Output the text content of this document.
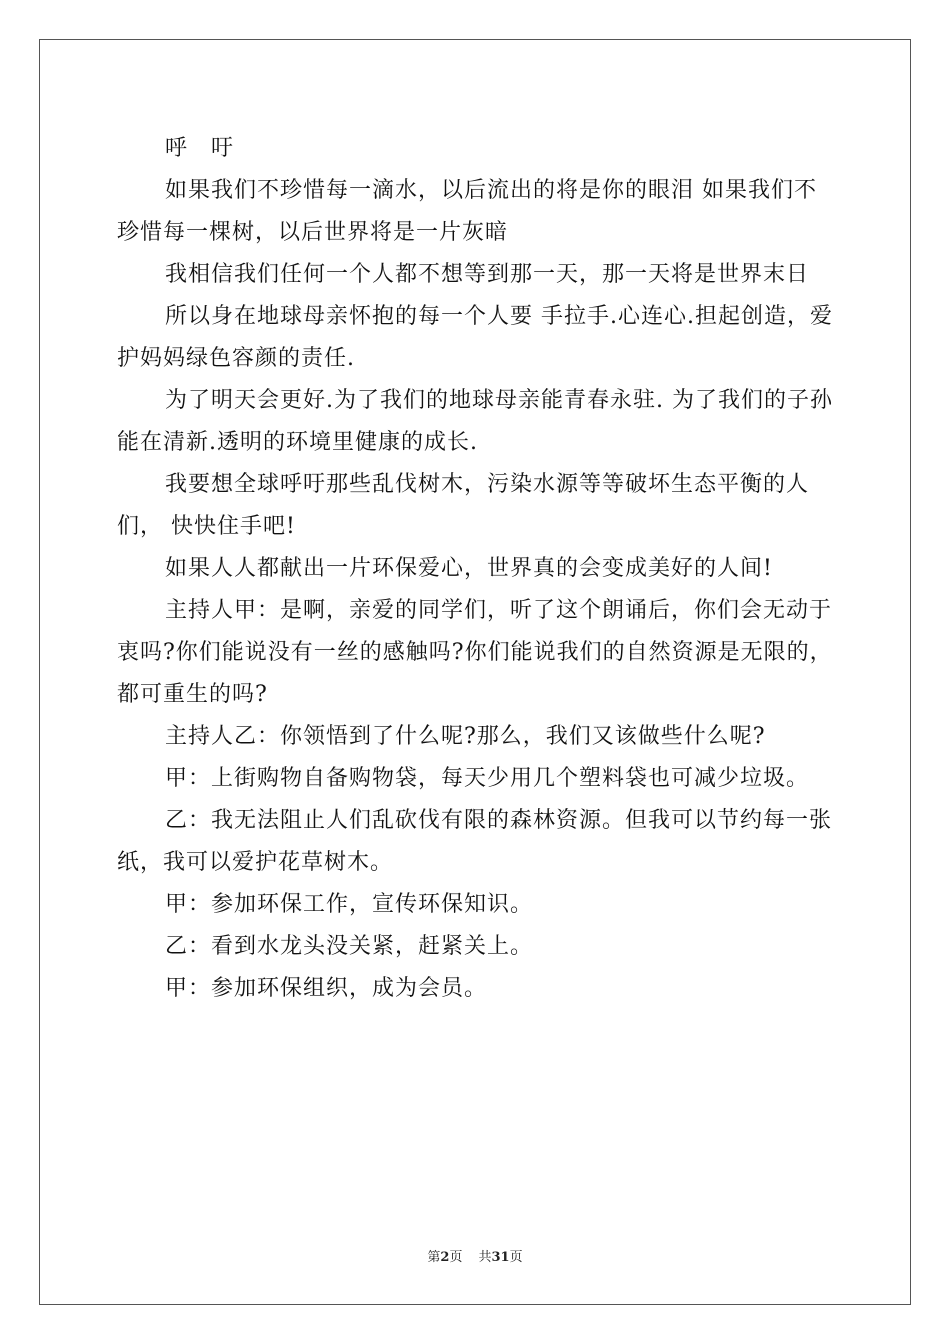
呼　吁

如果我们不珍惜每一滴水，以后流出的将是你的眼泪 如果我们不珍惜每一棵树，以后世界将是一片灰暗

我相信我们任何一个人都不想等到那一天，那一天将是世界末日

所以身在地球母亲怀抱的每一个人要 手拉手.心连心.担起创造，爱护妈妈绿色容颜的责任.

为了明天会更好.为了我们的地球母亲能青春永驻. 为了我们的子孙能在清新.透明的环境里健康的成长.

我要想全球呼吁那些乱伐树木，污染水源等等破坏生态平衡的人们， 快快住手吧!

如果人人都献出一片环保爱心，世界真的会变成美好的人间!

主持人甲：是啊，亲爱的同学们，听了这个朗诵后，你们会无动于衷吗?你们能说没有一丝的感触吗?你们能说我们的自然资源是无限的，都可重生的吗?

主持人乙：你领悟到了什么呢?那么，我们又该做些什么呢?

甲：上街购物自备购物袋，每天少用几个塑料袋也可减少垃圾。

乙：我无法阻止人们乱砍伐有限的森林资源。但我可以节约每一张纸，我可以爱护花草树木。

甲：参加环保工作，宣传环保知识。

乙：看到水龙头没关紧，赶紧关上。

甲：参加环保组织，成为会员。

第2页 共31页
